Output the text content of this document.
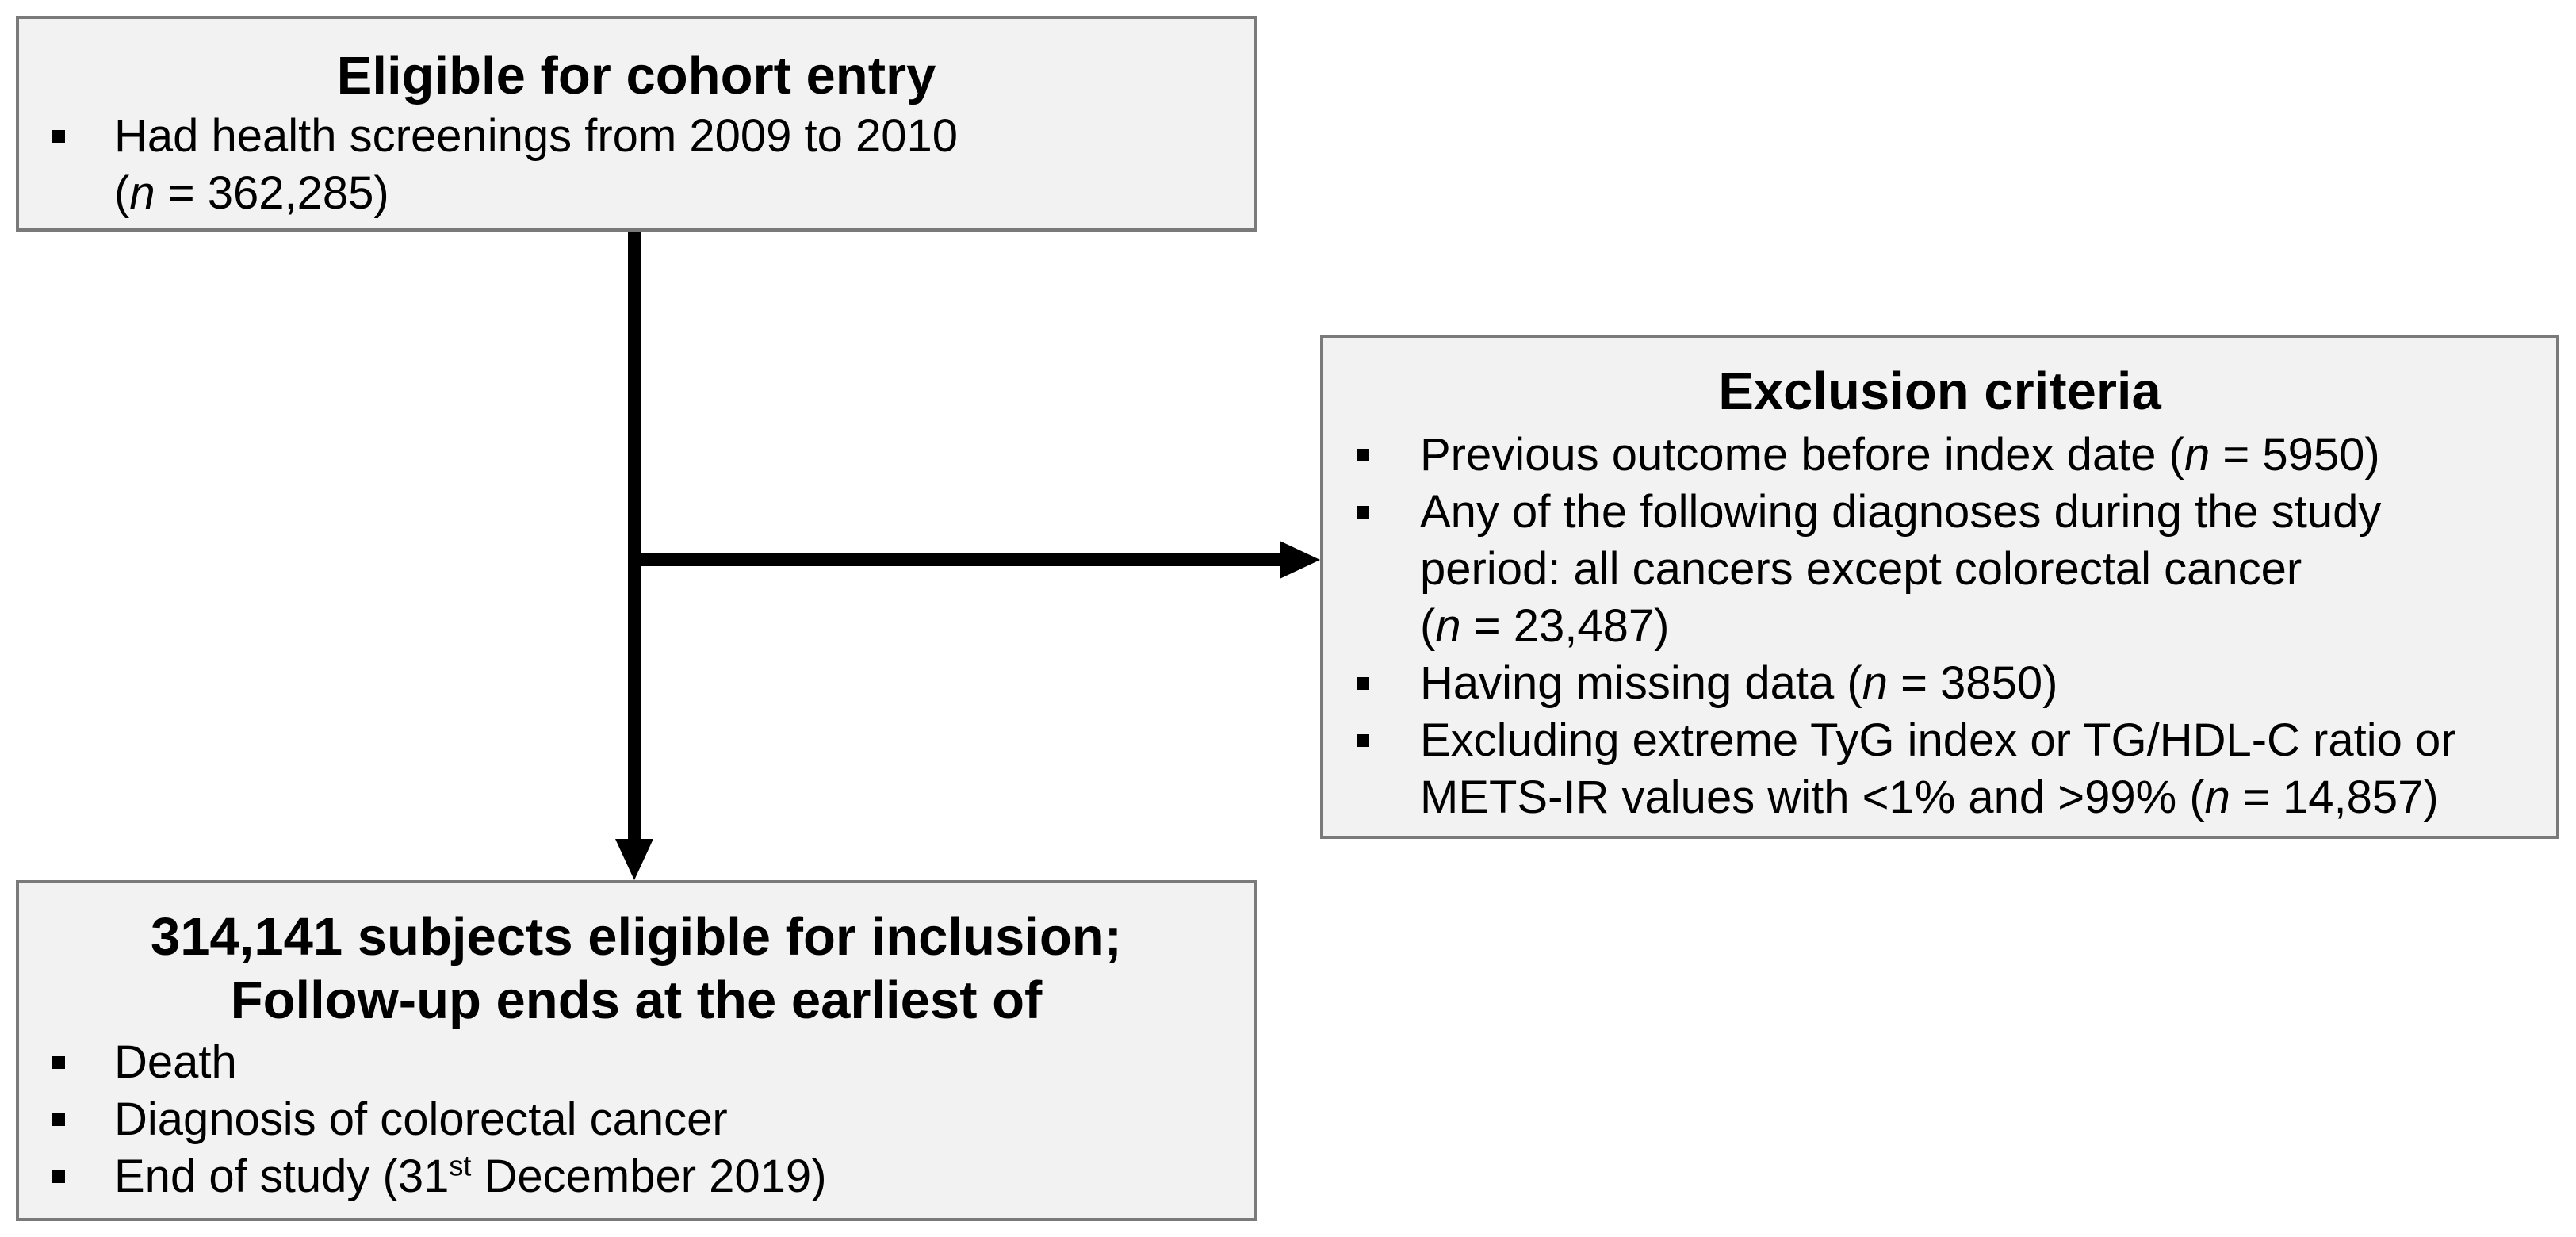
Eligible for cohort entry

Had health screenings from 2009 to 2010
(n = 362,285)

Exclusion criteria

Previous outcome before index date (n = 5950)
Any of the following diagnoses during the study
period: all cancers except colorectal cancer
(n = 23,487)
Having missing data (n = 3850)
Excluding extreme TyG index or TG/HDL-C ratio or
METS-IR values with <1% and >99% (n = 14,857)

314,141 subjects eligible for inclusion;
Follow-up ends at the earliest of

Death
Diagnosis of colorectal cancer
End of study (31st December 2019)
